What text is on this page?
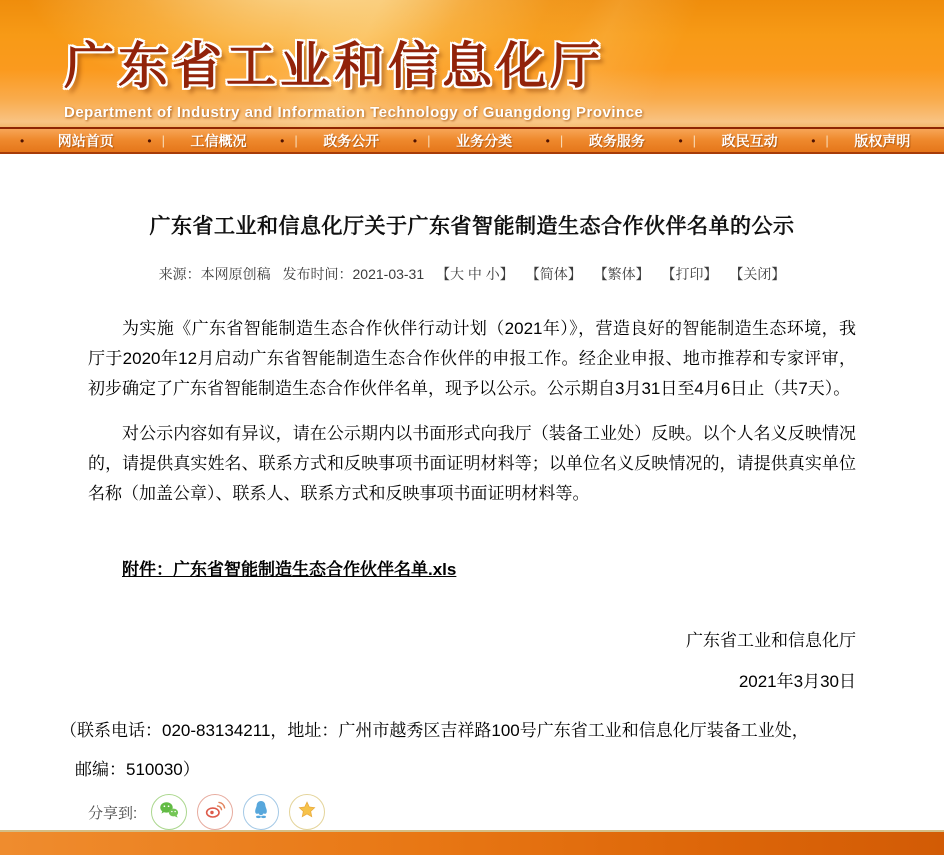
广东省工业和信息化厅
Department of Industry and Information Technology of Guangdong Province
• 网站首页	• | 工信概况	• | 政务公开	• | 业务分类	• | 政务服务	• | 政民互动	• | 版权声明
广东省工业和信息化厅关于广东省智能制造生态合作伙伴名单的公示
来源：本网原创稿 发布时间：2021-03-31 【大 中 小】 【简体】 【繁体】 【打印】 【关闭】

为实施《广东省智能制造生态合作伙伴行动计划（2021年）》，营造良好的智能制造生态环境，我厅于2020年12月启动广东省智能制造生态合作伙伴的申报工作。经企业申报、地市推荐和专家评审，初步确定了广东省智能制造生态合作伙伴名单，现予以公示。公示期自3月31日至4月6日止（共7天）。

对公示内容如有异议，请在公示期内以书面形式向我厅（装备工业处）反映。以个人名义反映情况的，请提供真实姓名、联系方式和反映事项书面证明材料等；以单位名义反映情况的，请提供真实单位名称（加盖公章）、联系人、联系方式和反映事项书面证明材料等。

附件：广东省智能制造生态合作伙伴名单.xls
广东省工业和信息化厅
2021年3月30日
（联系电话：020-83134211，地址：广州市越秀区吉祥路100号广东省工业和信息化厅装备工业处，
邮编：510030）
分享到:
